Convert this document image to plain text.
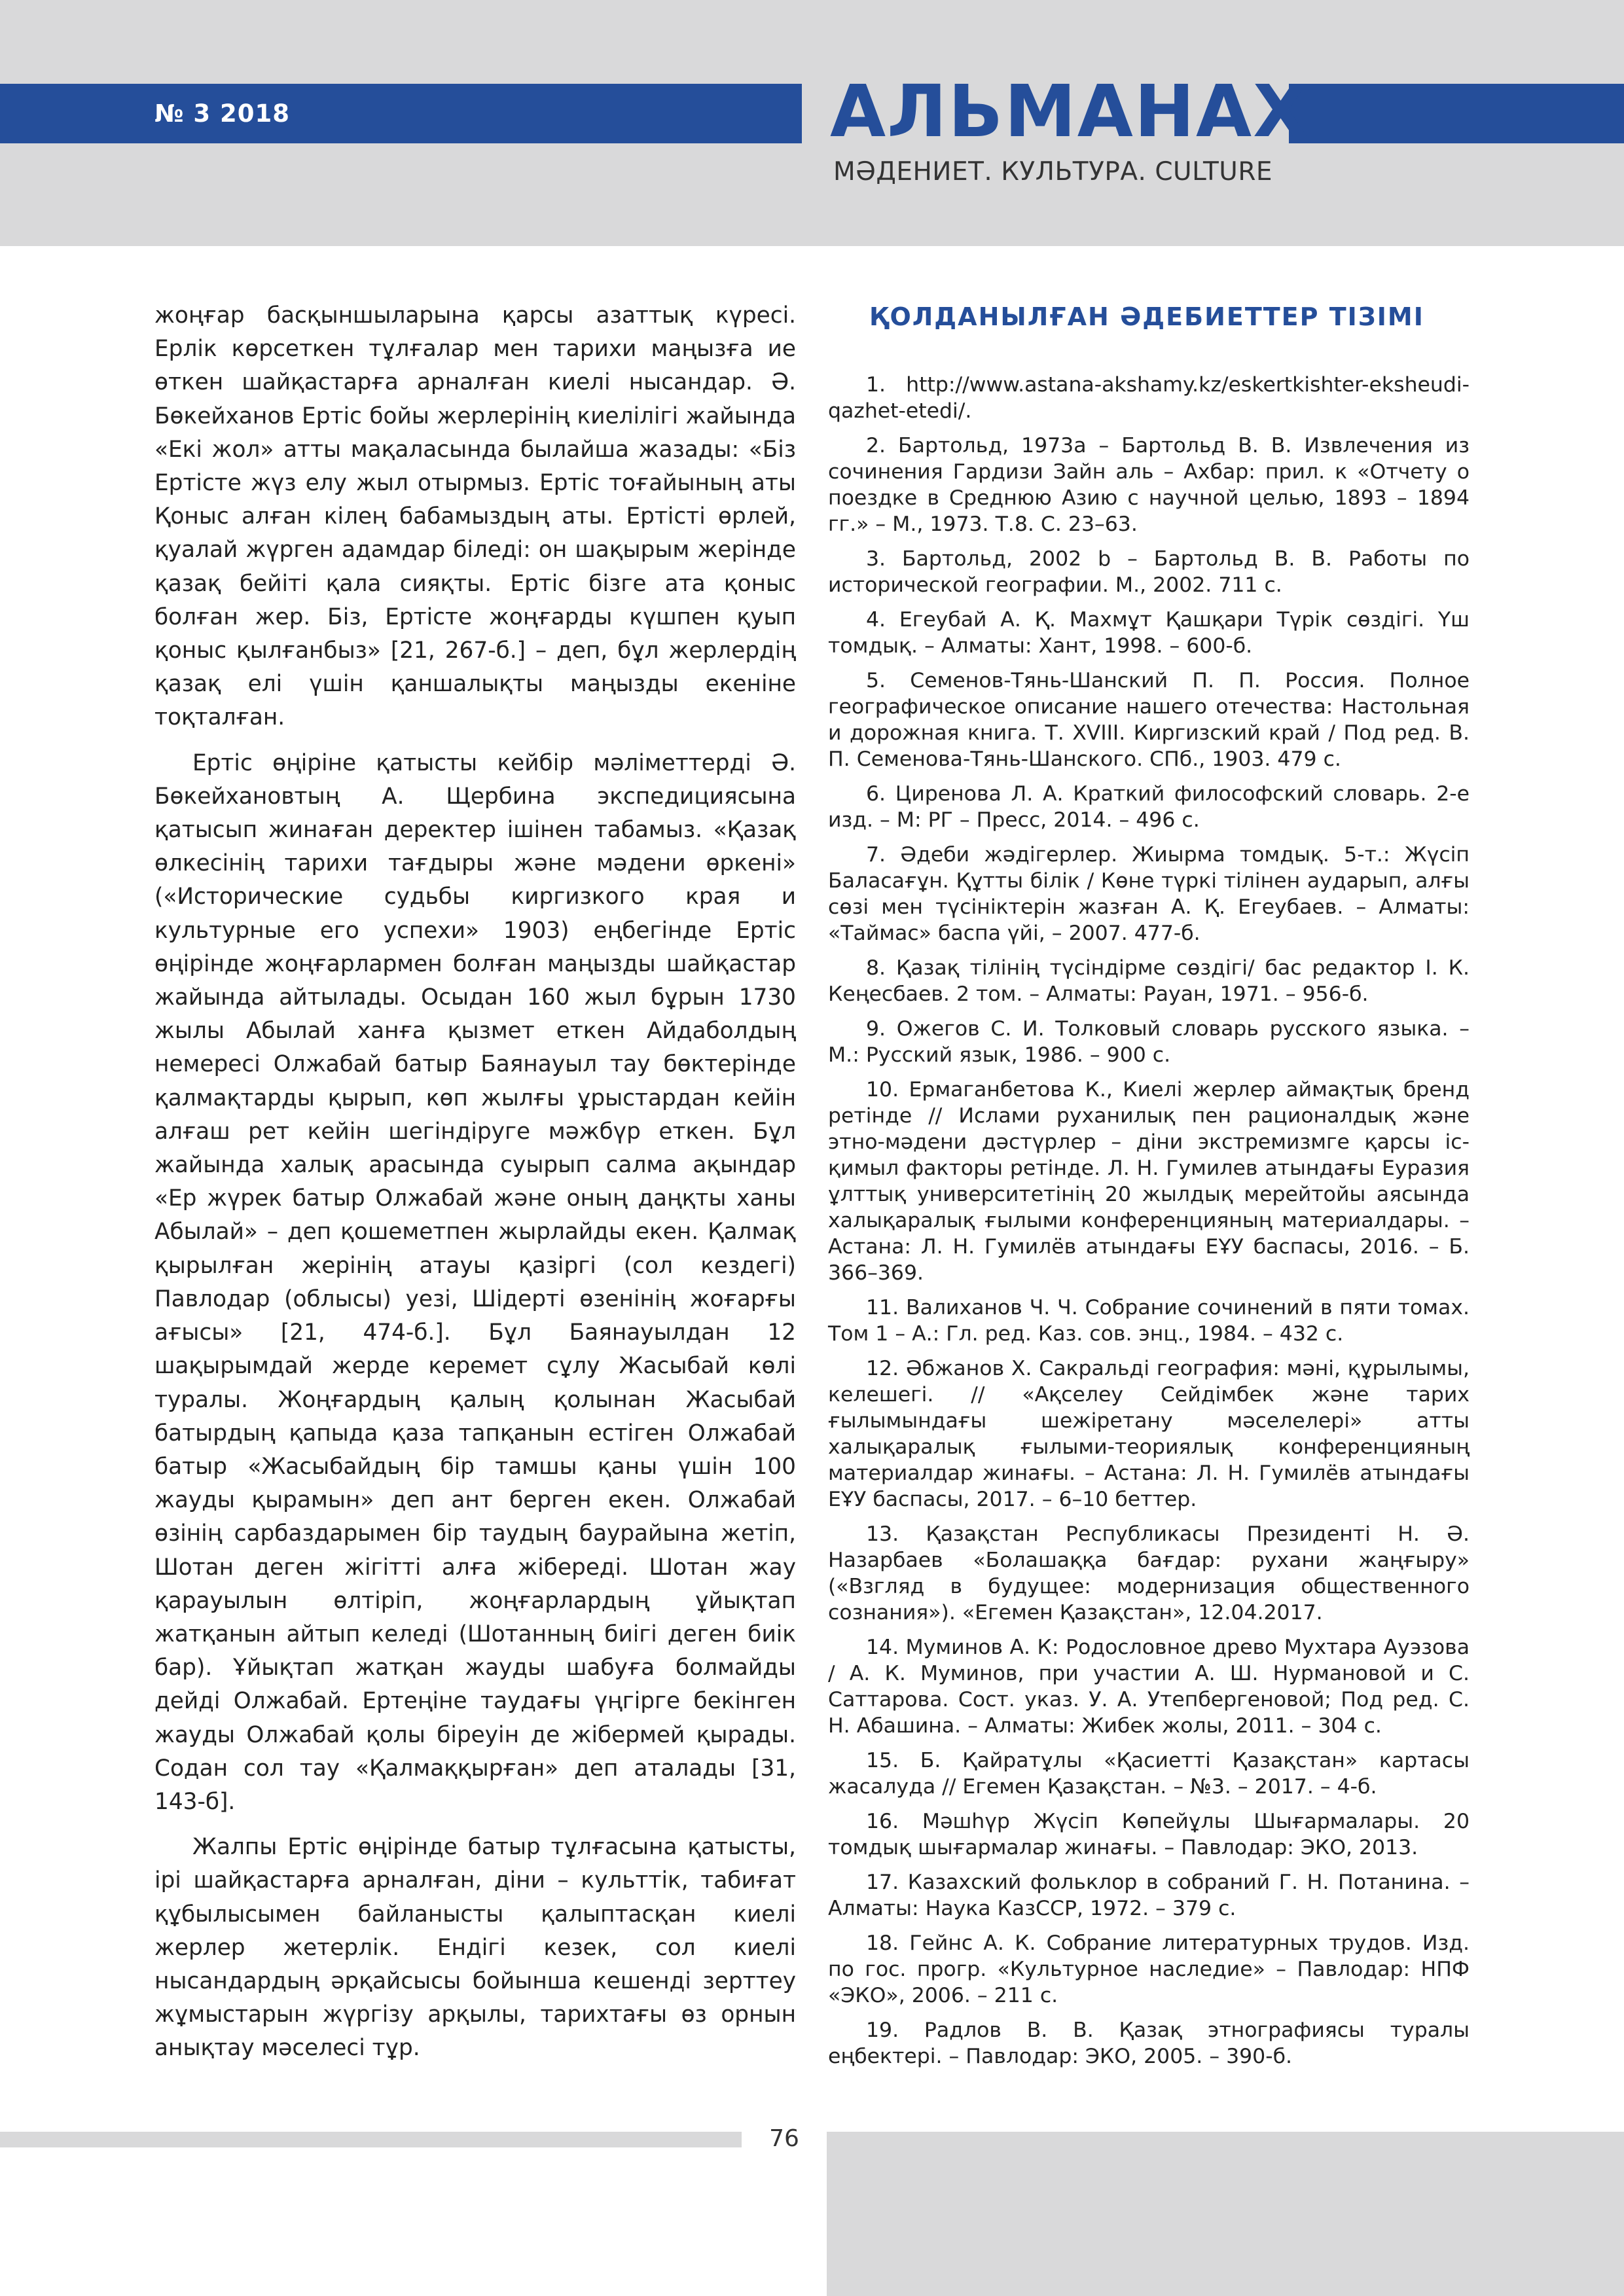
№ 3 2018	АЛЬМАНАХ
МӘДЕНИЕТ. КУЛЬТУРА. CULTURE

жоңғар басқыншыларына қарсы азаттық күресі. Ерлік көрсеткен тұлғалар мен тарихи маңызға ие өткен шайқастарға арналған киелі нысандар. Ә. Бөкейханов Ертіс бойы жерлерінің киелілігі жайында «Екі жол» атты мақаласында былайша жазады: «Біз Ертісте жүз елу жыл отырмыз. Ертіс тоғайының аты Қоныс алған кілең бабамыздың аты. Ертісті өрлей, қуалай жүрген адамдар біледі: он шақырым жерінде қазақ бейіті қала сияқты. Ертіс бізге ата қоныс болған жер. Біз, Ертісте жоңғарды күшпен қуып қоныс қылғанбыз» [21, 267-б.] – деп, бұл жерлердің қазақ елі үшін қаншалықты маңызды екеніне тоқталған.

Ертіс өңіріне қатысты кейбір мәліметтерді Ә. Бөкейхановтың А. Щербина экспедициясына қатысып жинаған деректер ішінен табамыз. «Қазақ өлкесінің тарихи тағдыры және мәдени өркені» («Исторические судьбы киргизкого края и культурные его успехи» 1903) еңбегінде Ертіс өңірінде жоңғарлармен болған маңызды шайқастар жайында айтылады. Осыдан 160 жыл бұрын 1730 жылы Абылай ханға қызмет еткен Айдаболдың немересі Олжабай батыр Баянауыл тау бөктерінде қалмақтарды қырып, көп жылғы ұрыстардан кейін алғаш рет кейін шегіндіруге мәжбүр еткен. Бұл жайында халық арасында суырып салма ақындар «Ер жүрек батыр Олжабай және оның даңқты ханы Абылай» – деп қошеметпен жырлайды екен. Қалмақ қырылған жерінің атауы қазіргі (сол кездегі) Павлодар (облысы) уезі, Шідерті өзенінің жоғарғы ағысы» [21, 474-б.]. Бұл Баянауылдан 12 шақырымдай жерде керемет сұлу Жасыбай көлі туралы. Жоңғардың қалың қолынан Жасыбай батырдың қапыда қаза тапқанын естіген Олжабай батыр «Жасыбайдың бір тамшы қаны үшін 100 жауды қырамын» деп ант берген екен. Олжабай өзінің сарбаздарымен бір таудың баурайына жетіп, Шотан деген жігітті алға жібереді. Шотан жау қарауылын өлтіріп, жоңғарлардың ұйықтап жатқанын айтып келеді (Шотанның биігі деген биік бар). Ұйықтап жатқан жауды шабуға болмайды дейді Олжабай. Ертеңіне таудағы үңгірге бекінген жауды Олжабай қолы біреуін де жібермей қырады. Содан сол тау «Қалмаққырған» деп аталады [31, 143-б].

Жалпы Ертіс өңірінде батыр тұлғасына қатысты, ірі шайқастарға арналған, діни – культтік, табиғат құбылысымен байланысты қалыптасқан киелі жерлер жетерлік. Ендігі кезек, сол киелі нысандардың әрқайсысы бойынша кешенді зерттеу жұмыстарын жүргізу арқылы, тарихтағы өз орнын анықтау мәселесі тұр.

ҚОЛДАНЫЛҒАН ӘДЕБИЕТТЕР ТІЗІМІ

1. http://www.astana-akshamy.kz/eskertkishter-eksheudi-qazhet-etedi/.

2. Бартольд, 1973а – Бартольд В. В. Извлечения из сочинения Гардизи Зайн аль – Ахбар: прил. к «Отчету о поездке в Среднюю Азию с научной целью, 1893 – 1894 гг.» – М., 1973. Т.8. С. 23–63.

3. Бартольд, 2002 b – Бартольд В. В. Работы по исторической географии. М., 2002. 711 с.

4. Егеубай А. Қ. Махмұт Қашқари Түрік сөздігі. Үш томдық. – Алматы: Хант, 1998. – 600-б.

5. Семенов-Тянь-Шанский П. П. Россия. Полное географическое описание нашего отечества: Настольная и дорожная книга. Т. XVIII. Киргизский край / Под ред. В. П. Семенова-Тянь-Шанского. СПб., 1903. 479 с.

6. Циренова Л. А. Краткий философский словарь. 2-е изд. – М: РГ – Пресс, 2014. – 496 с.

7. Әдеби жәдігерлер. Жиырма томдық. 5-т.: Жүсіп Баласағұн. Құтты білік / Көне түркі тілінен аударып, алғы сөзі мен түсініктерін жазған А. Қ. Егеубаев. – Алматы: «Таймас» баспа үйі, – 2007. 477-б.

8. Қазақ тілінің түсіндірме сөздігі/ бас редактор І. К. Кеңесбаев. 2 том. – Алматы: Рауан, 1971. – 956-б.

9. Ожегов С. И. Толковый словарь русского языка. – М.: Русский язык, 1986. – 900 с.

10. Ермаганбетова К., Киелі жерлер аймақтық бренд ретінде // Ислами руханилық пен рационалдық және этно-мәдени дәстүрлер – діни экстремизмге қарсы іс-қимыл факторы ретінде. Л. Н. Гумилев атындағы Еуразия ұлттық университетінің 20 жылдық мерейтойы аясында халықаралық ғылыми конференцияның материалдары. – Астана: Л. Н. Гумилёв атындағы ЕҰУ баспасы, 2016. – Б. 366–369.

11. Валиханов Ч. Ч. Собрание сочинений в пяти томах. Том 1 – А.: Гл. ред. Каз. сов. энц., 1984. – 432 с.

12. Әбжанов Х. Сакральді география: мәні, құрылымы, келешегі. // «Ақселеу Сейдімбек және тарих ғылымындағы шежіретану мәселелері» атты халықаралық ғылыми-теориялық конференцияның материалдар жинағы. – Астана: Л. Н. Гумилёв атындағы ЕҰУ баспасы, 2017. – 6–10 беттер.

13. Қазақстан Республикасы Президенті Н. Ә. Назарбаев «Болашаққа бағдар: рухани жаңғыру» («Взгляд в будущее: модернизация общественного сознания»). «Егемен Қазақстан», 12.04.2017.

14. Муминов А. К: Родословное древо Мухтара Ауэзова / А. К. Муминов, при участии А. Ш. Нурмановой и С. Саттарова. Сост. указ. У. А. Утепбергеновой; Под ред. С. Н. Абашина. – Алматы: Жибек жолы, 2011. – 304 с.

15. Б. Қайратұлы «Қасиетті Қазақстан» картасы жасалуда // Егемен Қазақстан. – №3. – 2017. – 4-б.

16. Мәшһүр Жүсіп Көпейұлы Шығармалары. 20 томдық шығармалар жинағы. – Павлодар: ЭКО, 2013.

17. Казахский фольклор в собраний Г. Н. Потанина. – Алматы: Наука КазССР, 1972. – 379 с.

18. Гейнс А. К. Собрание литературных трудов. Изд. по гос. прогр. «Культурное наследие» – Павлодар: НПФ «ЭКО», 2006. – 211 с.

19. Радлов В. В. Қазақ этнографиясы туралы еңбектері. – Павлодар: ЭКО, 2005. – 390-б.

76
